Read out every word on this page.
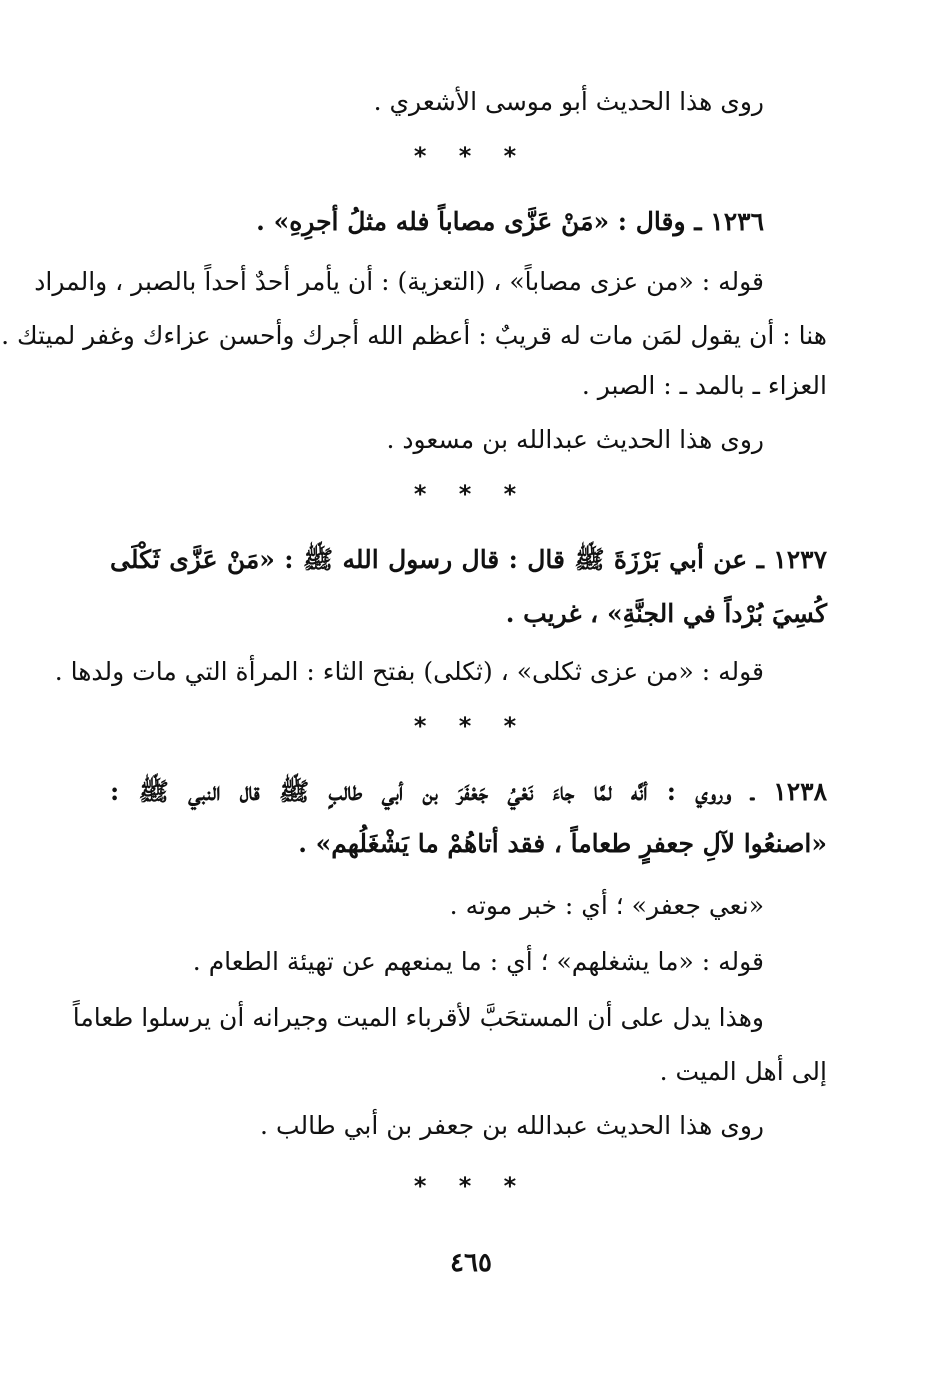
روى هذا الحديث أبو موسى الأشعري .
* * *
١٢٣٦ ـ وقال : «مَنْ عَزَّى مصاباً فله مثلُ أجرِهِ» .
قوله : «من عزى مصاباً» ، (التعزية) : أن يأمر أحدٌ أحداً بالصبر ، والمراد
هنا : أن يقول لمَن مات له قريبٌ : أعظم الله أجرك وأحسن عزاءك وغفر لميتك .
العزاء ـ بالمد ـ : الصبر .
روى هذا الحديث عبدالله بن مسعود .
* * *
١٢٣٧ ـ عن أبي بَرْزَةَ ﷺ قال : قال رسول الله ﷺ : «مَنْ عَزَّى ثَكْلَى
كُسِيَ بُرْداً في الجنَّةِ» ، غريب .
قوله : «من عزى ثكلى» ، (ثكلى) بفتح الثاء : المرأة التي مات ولدها .
* * *
١٢٣٨ ـ وروي : أنَّه لمَّا جاءَ نَعْيُ جَعْفَرَ بن أبي طالبٍ ﷺ قال النبي ﷺ :
«اصنعُوا لآلِ جعفرٍ طعاماً ، فقد أتاهُمْ ما يَشْغَلُهم» .
«نعي جعفر» ؛ أي : خبر موته .
قوله : «ما يشغلهم» ؛ أي : ما يمنعهم عن تهيئة الطعام .
وهذا يدل على أن المستحَبَّ لأقرباء الميت وجيرانه أن يرسلوا طعاماً
إلى أهل الميت .
روى هذا الحديث عبدالله بن جعفر بن أبي طالب .
* * *
٤٦٥
